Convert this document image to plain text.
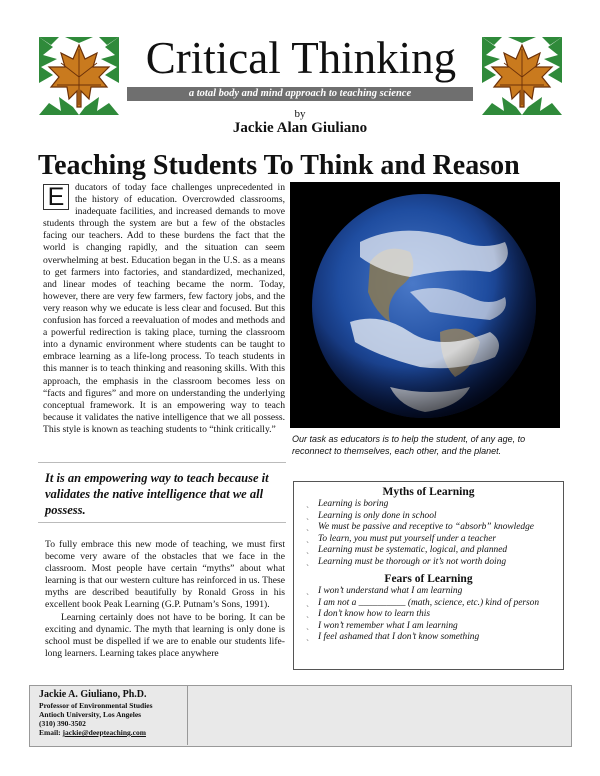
Critical Thinking
a total body and mind approach to teaching science
by
Jackie Alan Giuliano
Teaching Students To Think and Reason
E	ducators of today face challenges unprecedented in the history of education. Overcrowded classrooms, inadequate facilities, and increased demands to move students through the system are but a few of the obstacles facing our teachers. Add to these burdens the fact that the world is changing rapidly, and the situation can seem overwhelming at best. Education began in the U.S. as a means to get farmers into factories, and standardized, mechanized, and linear modes of teaching became the norm. Today, however, there are very few farmers, few factory jobs, and the very reason why we educate is less clear and focused. But this confusion has forced a reevaluation of modes and methods and a powerful redirection is taking place, turning the classroom into a dynamic environment where students can be taught to embrace learning as a life-long process. To teach students in this manner is to teach thinking and reasoning skills. With this approach, the emphasis in the classroom becomes less on “facts and figures” and more on understanding the underlying conceptual framework. It is an empowering way to teach because it validates the native intelligence that we all possess. This style is known as teaching students to “think critically.”
It is an empowering way to teach because it validates the native intelligence that we all possess.

To fully embrace this new mode of teaching, we must first become very aware of the obstacles that we face in the classroom. Most people have certain “myths” about what learning is that our western culture has reinforced in us. These myths are described beautifully by Ronald Gross in his excellent book Peak Learning (G.P. Putnam’s Sons, 1991).

Learning certainly does not have to be boring. It can be exciting and dynamic. The myth that learning is only done is school must be dispelled if we are to enable our students life-long learners. Learning takes place anywhere

Our task as educators is to help the student, of any age, to reconnect to themselves, each other, and the planet.
Myths of Learning
ˏ Learning is boring
ˏ Learning is only done in school
ˏ We must be passive and receptive to “absorb” knowledge
ˏ To learn, you must put yourself under a teacher
ˏ Learning must be systematic, logical, and planned
ˏ Learning must be thorough or it’s not worth doing
Fears of Learning
ˏ I won’t understand what I am learning
ˏ I am not a __________ (math, science, etc.) kind of person
ˏ I don’t know how to learn this
ˏ I won’t remember what I am learning
ˏ I feel ashamed that I don’t know something
Jackie A. Giuliano, Ph.D.
Professor of Environmental Studies
Antioch University, Los Angeles
(310) 390-3502
Email: jackie@deepteaching.com
